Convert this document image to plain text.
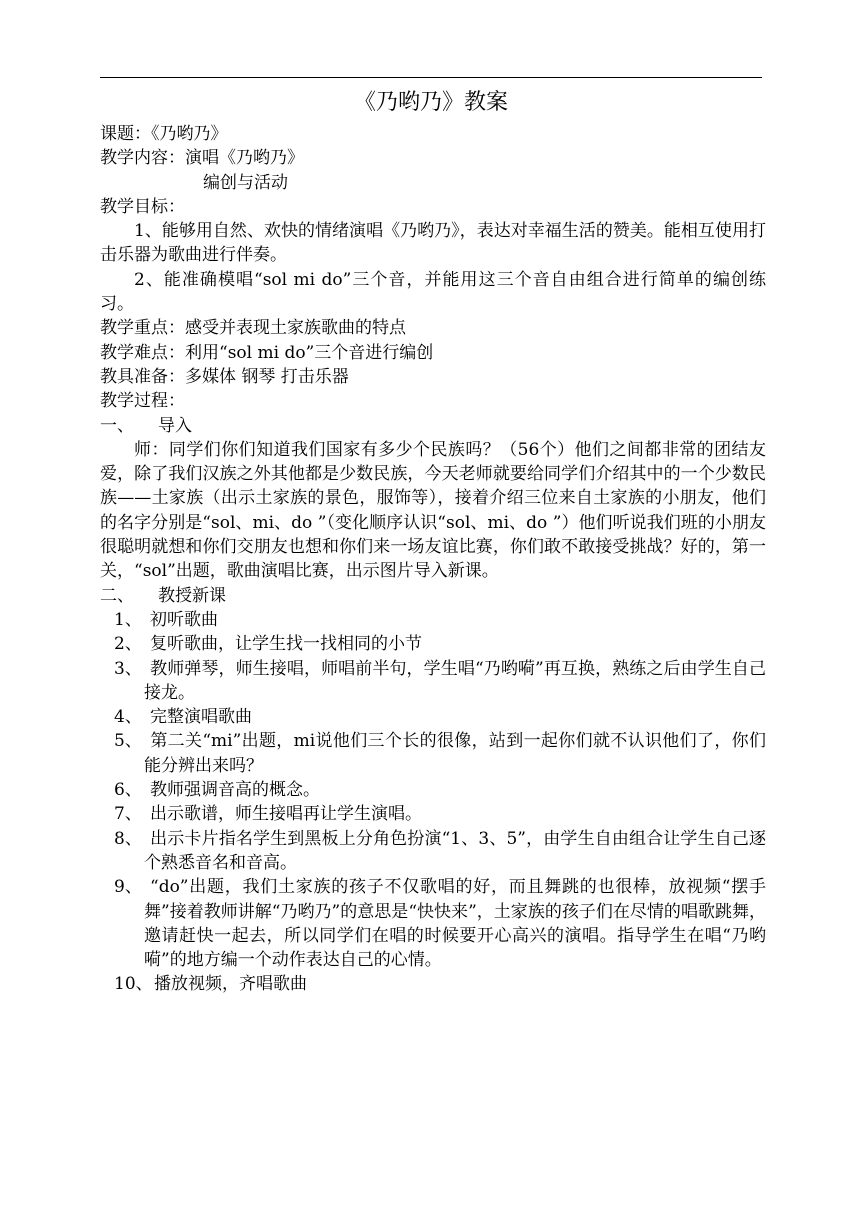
《乃哟乃》教案
课题：《乃哟乃》
教学内容：演唱《乃哟乃》
编创与活动
教学目标：
1、能够用自然、欢快的情绪演唱《乃哟乃》，表达对幸福生活的赞美。能相互使用打击乐器为歌曲进行伴奏。
2、能准确模唱“sol mi do”三个音，并能用这三个音自由组合进行简单的编创练习。
教学重点：感受并表现土家族歌曲的特点
教学难点：利用“sol mi do”三个音进行编创
教具准备：多媒体 钢琴 打击乐器
教学过程：
一、 导入
师：同学们你们知道我们国家有多少个民族吗？（56个）他们之间都非常的团结友爱，除了我们汉族之外其他都是少数民族，今天老师就要给同学们介绍其中的一个少数民族——土家族（出示土家族的景色，服饰等），接着介绍三位来自土家族的小朋友，他们的名字分别是“sol、mi、do ”（变化顺序认识“sol、mi、do ”）他们听说我们班的小朋友很聪明就想和你们交朋友也想和你们来一场友谊比赛，你们敢不敢接受挑战？好的，第一关，“sol”出题，歌曲演唱比赛，出示图片导入新课。
二、 教授新课
1、 初听歌曲
2、 复听歌曲，让学生找一找相同的小节
3、 教师弹琴，师生接唱，师唱前半句，学生唱“乃哟嗬”再互换，熟练之后由学生自己接龙。
4、 完整演唱歌曲
5、 第二关“mi”出题，mi说他们三个长的很像，站到一起你们就不认识他们了，你们能分辨出来吗？
6、 教师强调音高的概念。
7、 出示歌谱，师生接唱再让学生演唱。
8、 出示卡片指名学生到黑板上分角色扮演“1、3、5”，由学生自由组合让学生自己逐个熟悉音名和音高。
9、 “do”出题，我们土家族的孩子不仅歌唱的好，而且舞跳的也很棒，放视频“摆手舞”接着教师讲解“乃哟乃”的意思是“快快来”，土家族的孩子们在尽情的唱歌跳舞，邀请赶快一起去，所以同学们在唱的时候要开心高兴的演唱。指导学生在唱“乃哟嗬”的地方编一个动作表达自己的心情。
10、播放视频，齐唱歌曲
